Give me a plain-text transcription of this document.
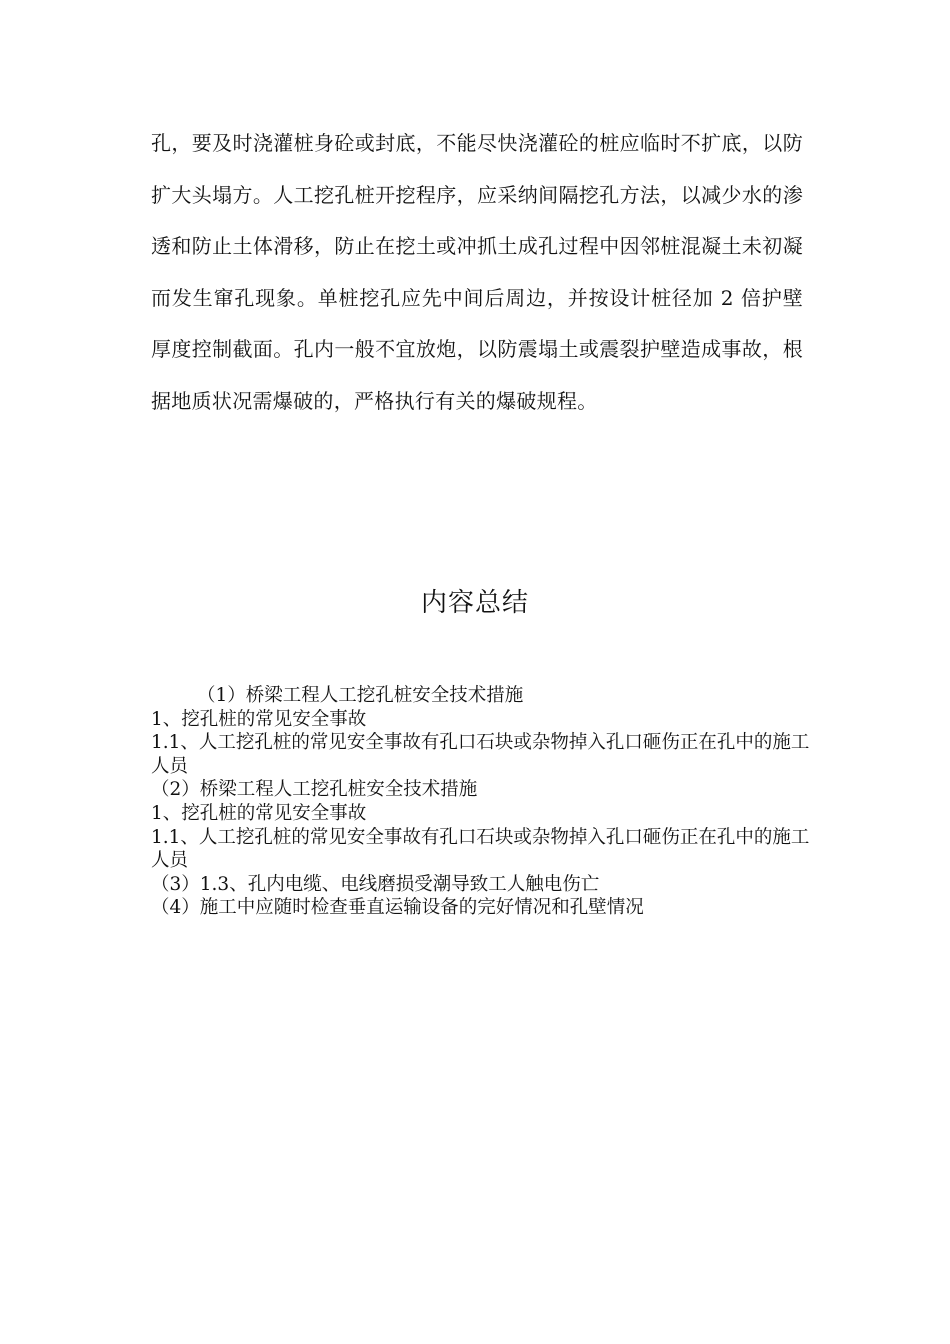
孔，要及时浇灌桩身砼或封底，不能尽快浇灌砼的桩应临时不扩底，以防扩大头塌方。人工挖孔桩开挖程序，应采纳间隔挖孔方法，以减少水的渗透和防止土体滑移，防止在挖土或冲抓土成孔过程中因邻桩混凝土未初凝而发生窜孔现象。单桩挖孔应先中间后周边，并按设计桩径加 2 倍护壁厚度控制截面。孔内一般不宜放炮，以防震塌土或震裂护壁造成事故，根据地质状况需爆破的，严格执行有关的爆破规程。

内容总结
（1）桥梁工程人工挖孔桩安全技术措施
1、挖孔桩的常见安全事故
1.1、人工挖孔桩的常见安全事故有孔口石块或杂物掉入孔口砸伤正在孔中的施工人员
（2）桥梁工程人工挖孔桩安全技术措施
1、挖孔桩的常见安全事故
1.1、人工挖孔桩的常见安全事故有孔口石块或杂物掉入孔口砸伤正在孔中的施工人员
（3）1.3、孔内电缆、电线磨损受潮导致工人触电伤亡
（4）施工中应随时检查垂直运输设备的完好情况和孔壁情况
